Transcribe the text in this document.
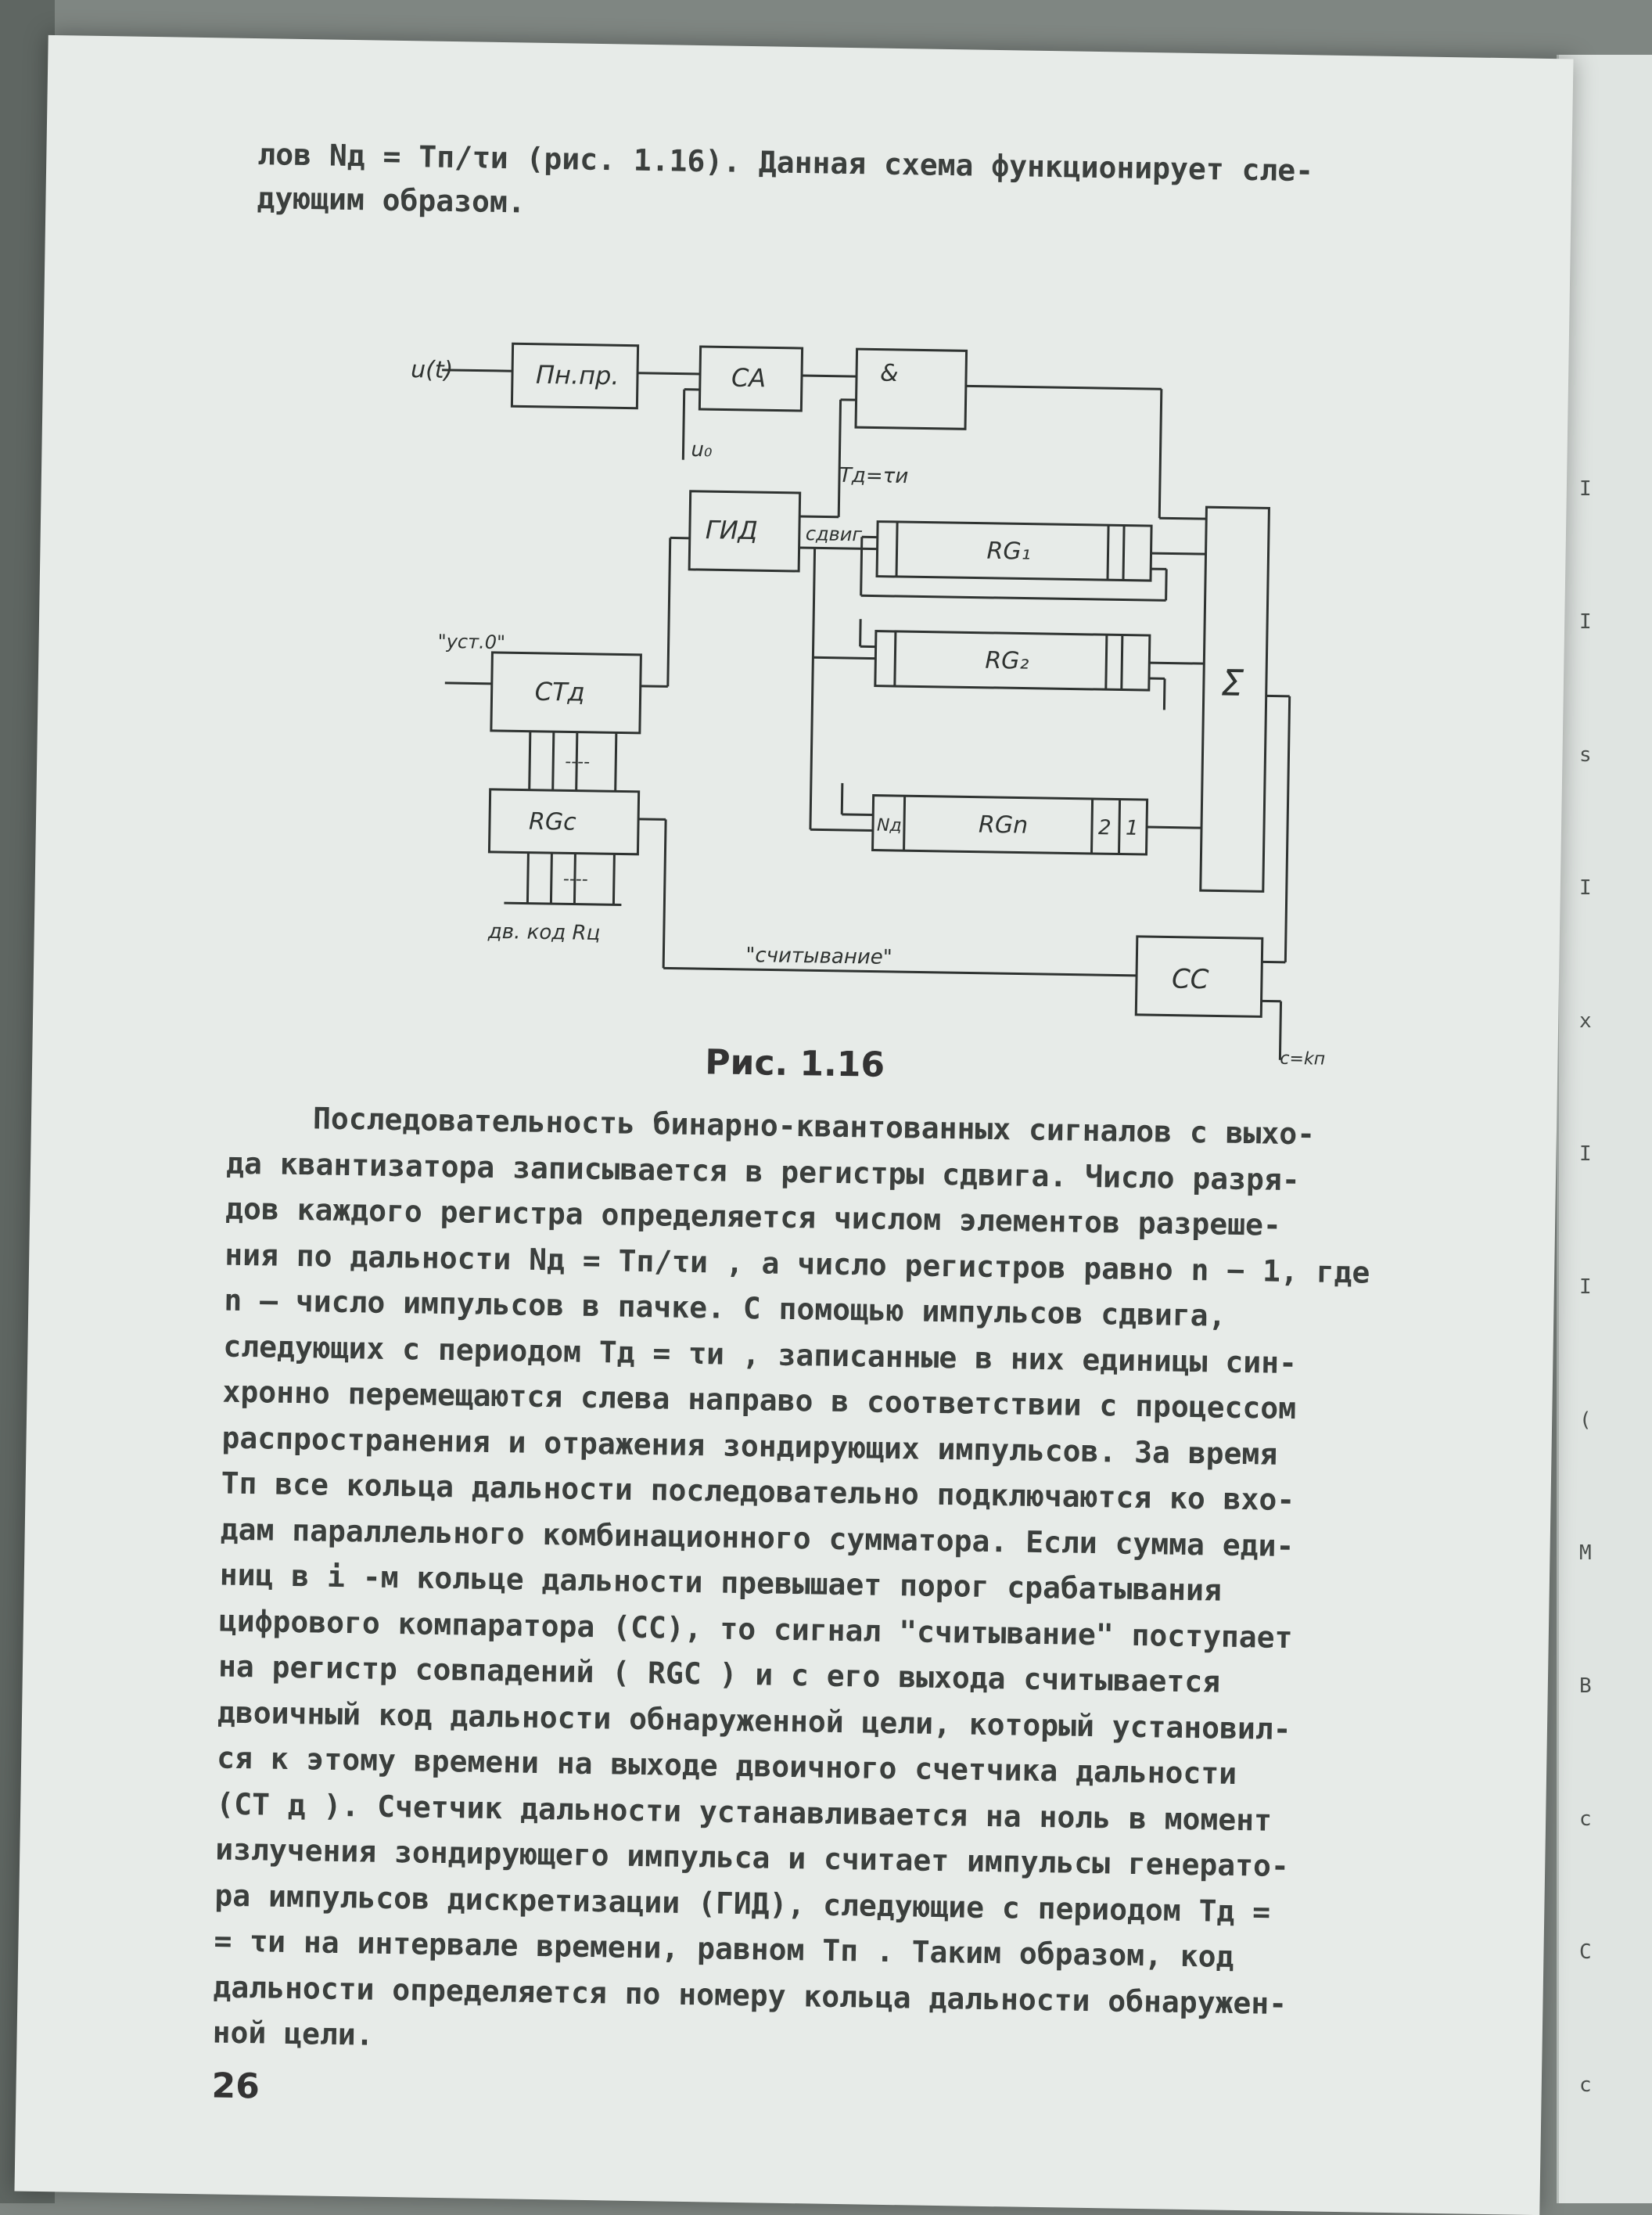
I
I
s
I
x
I
I
(
M
B
c
C
c
лов Nд = Tп/τи (рис. 1.16). Данная схема функционирует сле-
дующим образом.
u(t)	Пн.пр.	СА	&
u₀
Tд=τи
ГИД	сдвиг
RG₁
RG₂
RGn
Nд	2 1
Σ
"уст.0"
СТд
RGс
----
----
дв. код Rц
"считывание"
СС
c=kп
Рис. 1.16
Последовательность бинарно-квантованных сигналов с выхо-
да квантизатора записывается в регистры сдвига. Число разря-
дов каждого регистра определяется числом элементов разреше-
ния по дальности Nд = Tп/τи , а число регистров равно n − 1, где
n – число импульсов в пачке. С помощью импульсов сдвига,
следующих с периодом Tд = τи , записанные в них единицы син-
хронно перемещаются слева направо в соответствии с процессом
распространения и отражения зондирующих импульсов. За время
Tп все кольца дальности последовательно подключаются ко вхо-
дам параллельного комбинационного сумматора. Если сумма еди-
ниц в i -м кольце дальности превышает порог срабатывания
цифрового компаратора (СС), то сигнал "считывание" поступает
на регистр совпадений ( RGС ) и с его выхода считывается
двоичный код дальности обнаруженной цели, который установил-
ся к этому времени на выходе двоичного счетчика дальности
(СТ д ). Счетчик дальности устанавливается на ноль в момент
излучения зондирующего импульса и считает импульсы генерато-
ра импульсов дискретизации (ГИД), следующие с периодом Tд =
= τи на интервале времени, равном Tп . Таким образом, код
дальности определяется по номеру кольца дальности обнаружен-
ной цели.
26
